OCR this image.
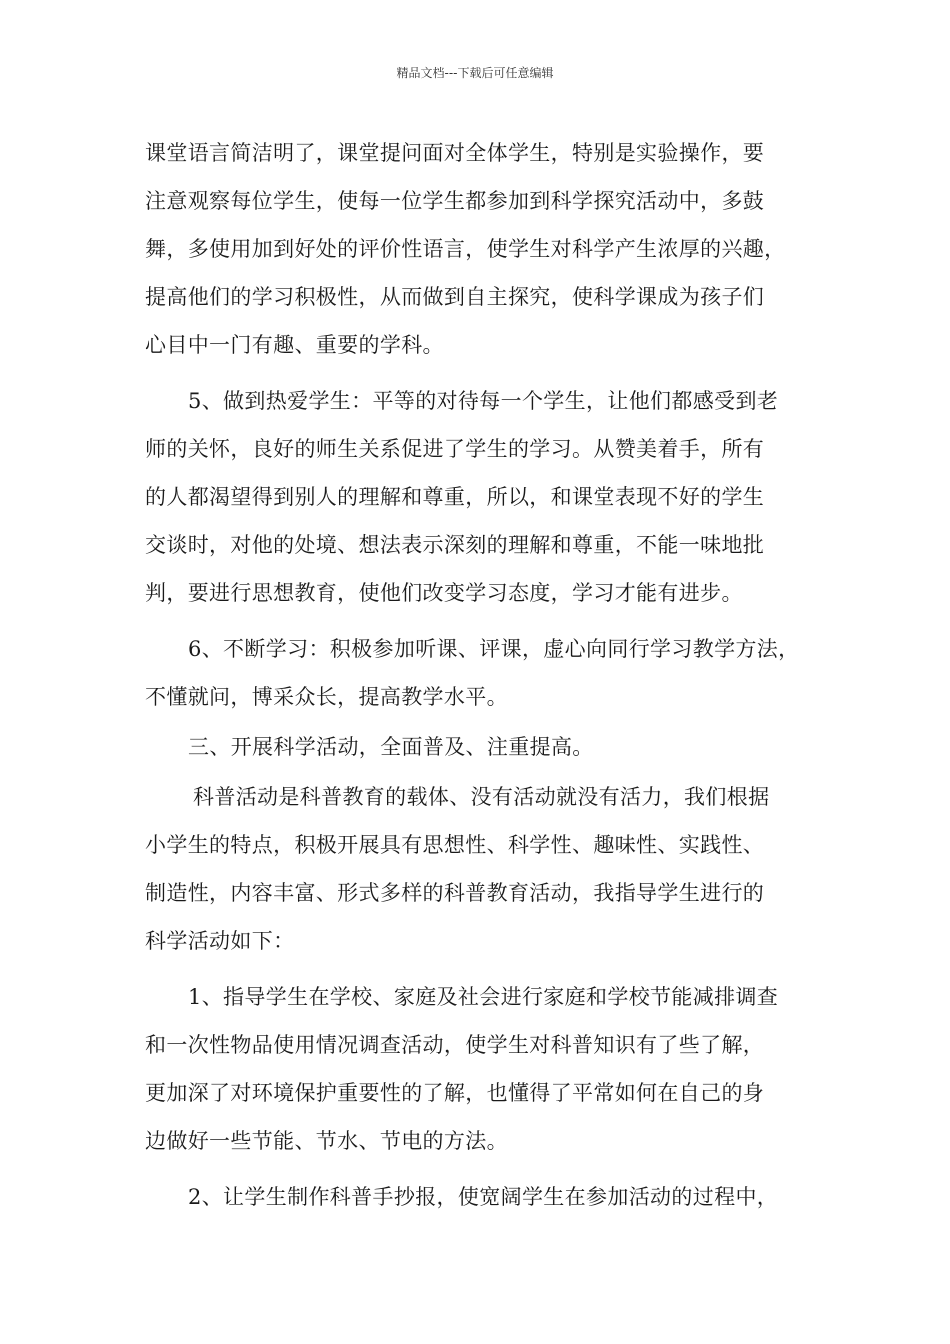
精品文档---下载后可任意编辑
课堂语言简洁明了，课堂提问面对全体学生，特别是实验操作，要
注意观察每位学生，使每一位学生都参加到科学探究活动中，多鼓
舞，多使用加到好处的评价性语言，使学生对科学产生浓厚的兴趣，
提高他们的学习积极性，从而做到自主探究，使科学课成为孩子们
心目中一门有趣、重要的学科。
5、做到热爱学生：平等的对待每一个学生，让他们都感受到老
师的关怀，良好的师生关系促进了学生的学习。从赞美着手，所有
的人都渴望得到别人的理解和尊重，所以，和课堂表现不好的学生
交谈时，对他的处境、想法表示深刻的理解和尊重，不能一味地批
判，要进行思想教育，使他们改变学习态度，学习才能有进步。
6、不断学习：积极参加听课、评课，虚心向同行学习教学方法，
不懂就问，博采众长，提高教学水平。
三、开展科学活动，全面普及、注重提高。
科普活动是科普教育的载体、没有活动就没有活力，我们根据
小学生的特点，积极开展具有思想性、科学性、趣味性、实践性、
制造性，内容丰富、形式多样的科普教育活动，我指导学生进行的
科学活动如下：
1、指导学生在学校、家庭及社会进行家庭和学校节能减排调查
和一次性物品使用情况调查活动，使学生对科普知识有了些了解，
更加深了对环境保护重要性的了解，也懂得了平常如何在自己的身
边做好一些节能、节水、节电的方法。
2、让学生制作科普手抄报，使宽阔学生在参加活动的过程中，
